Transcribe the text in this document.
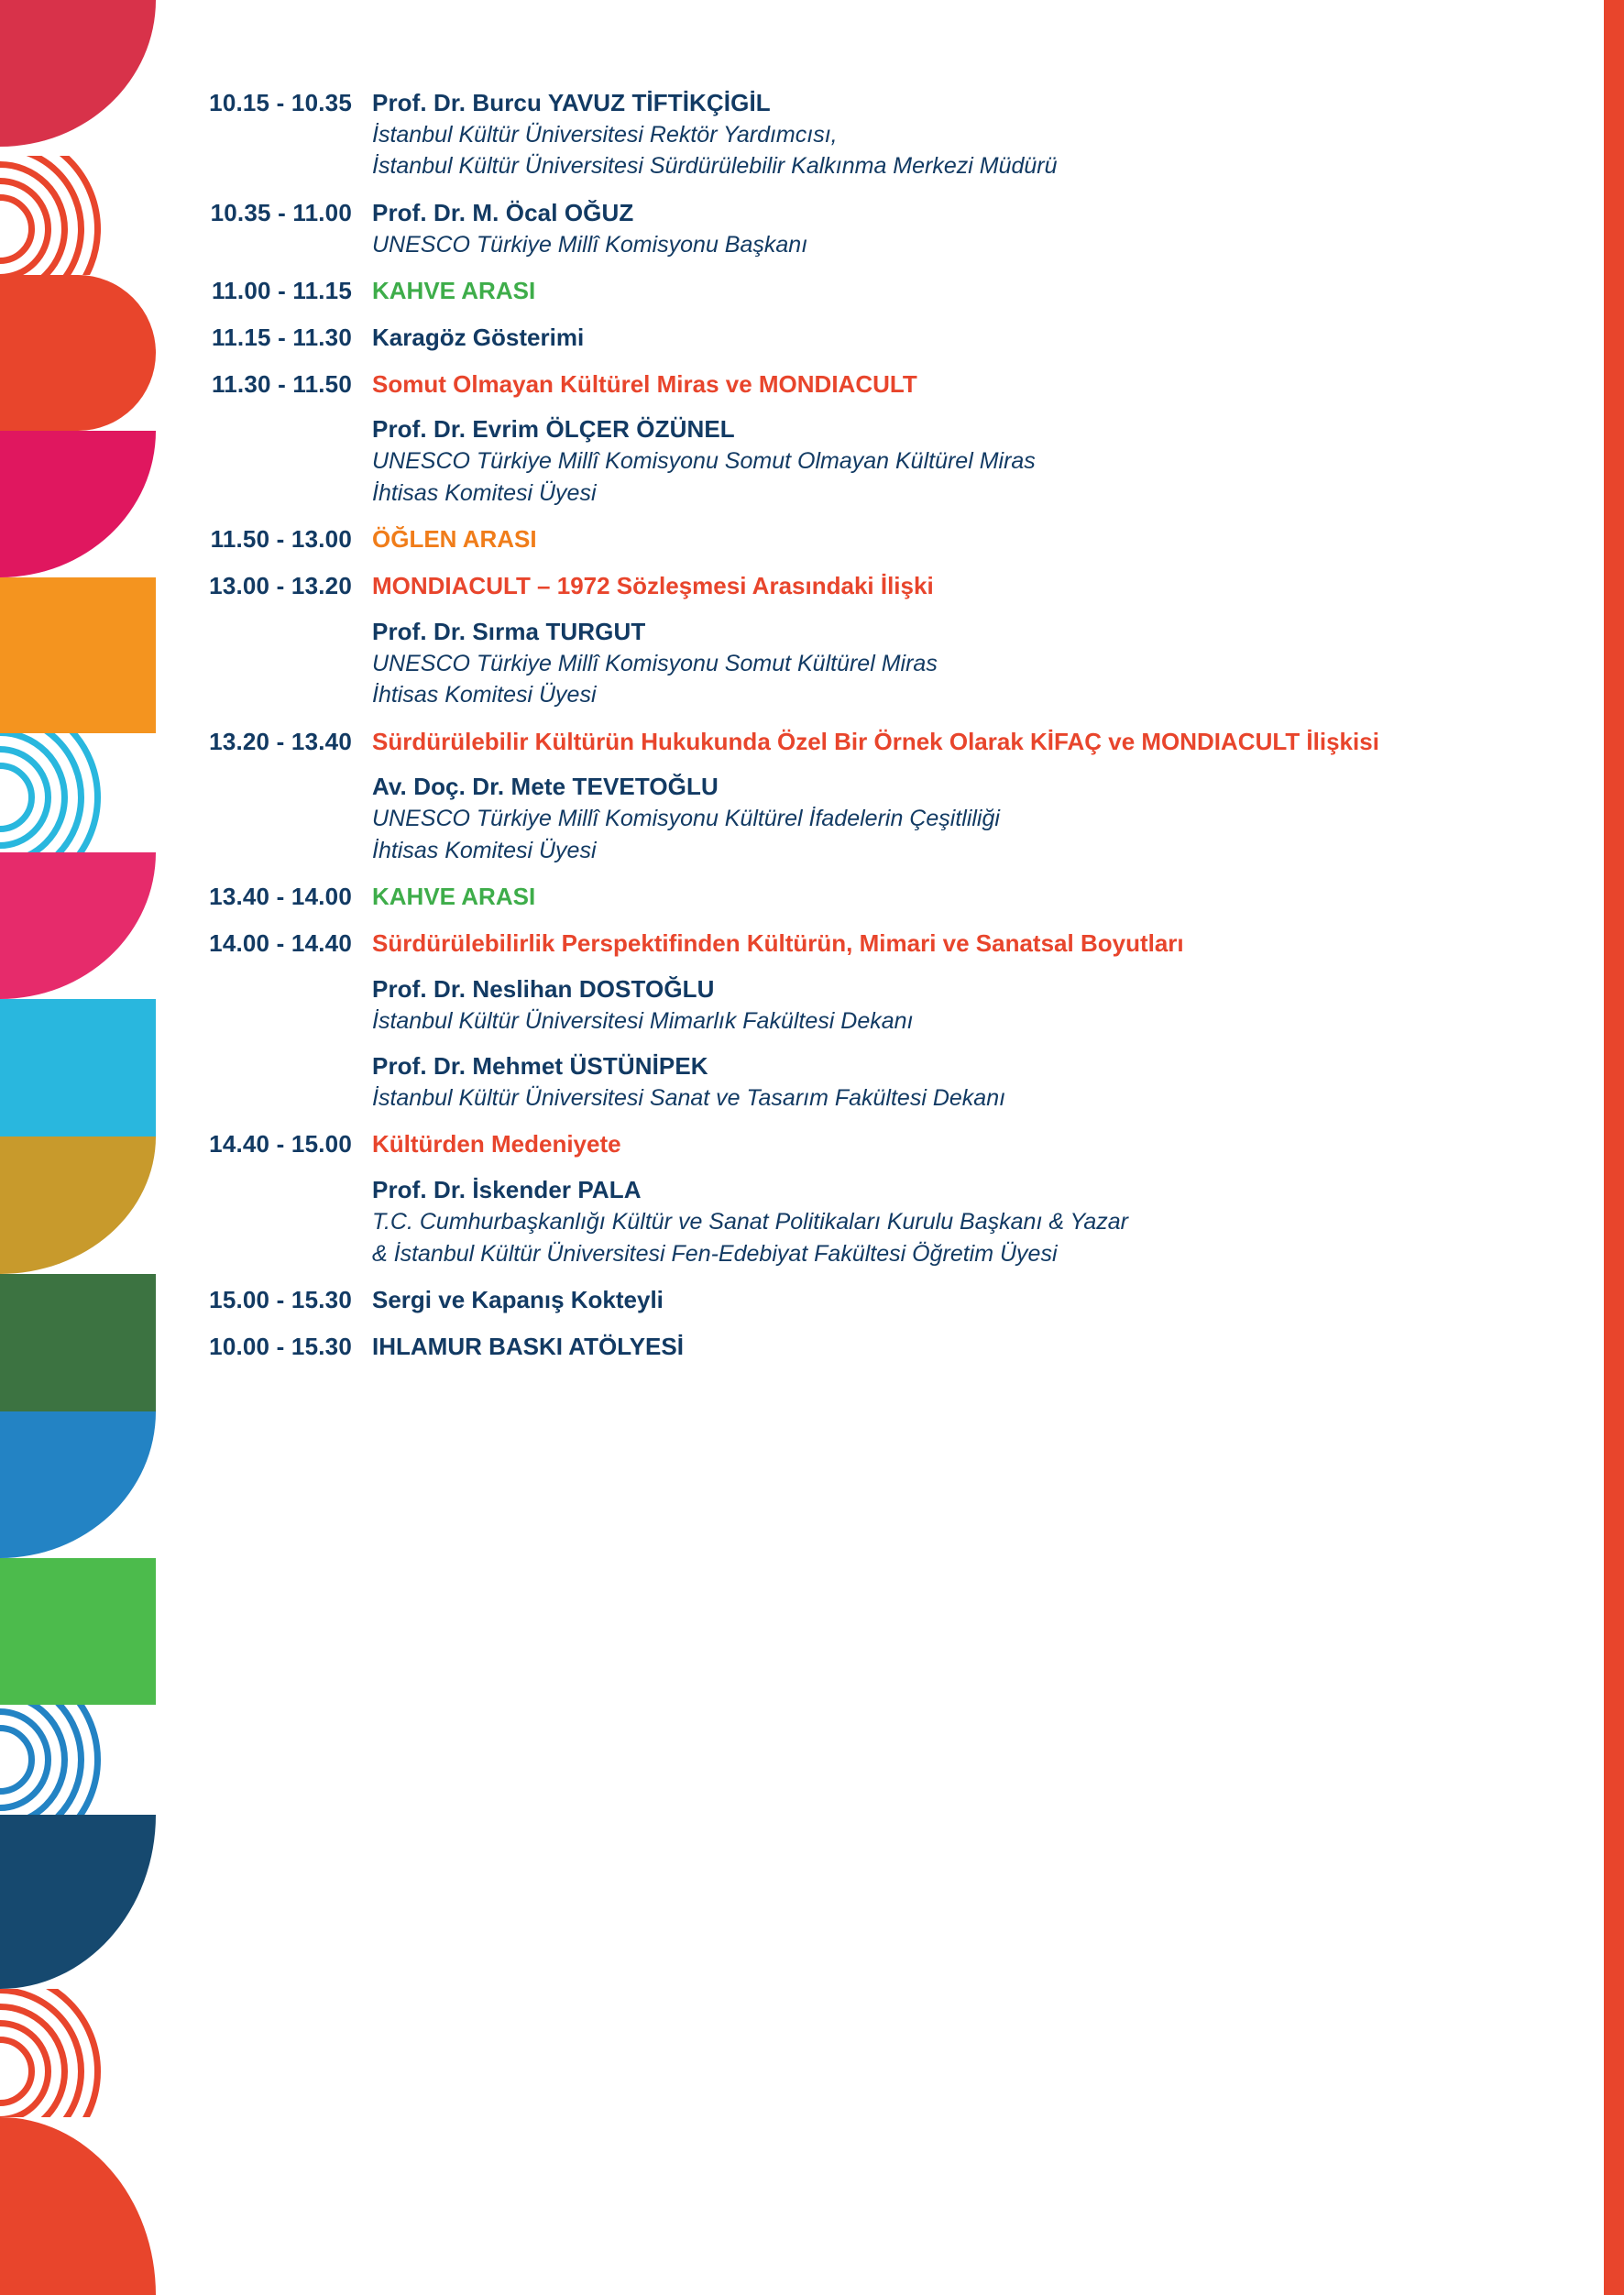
10.15 - 10.35 Prof. Dr. Burcu YAVUZ TİFTİKÇİGİL
İstanbul Kültür Üniversitesi Rektör Yardımcısı,
İstanbul Kültür Üniversitesi Sürdürülebilir Kalkınma Merkezi Müdürü
10.35 - 11.00 Prof. Dr. M. Öcal OĞUZ
UNESCO Türkiye Millî Komisyonu Başkanı
11.00 - 11.15 KAHVE ARASI
11.15 - 11.30 Karagöz Gösterimi
11.30 - 11.50 Somut Olmayan Kültürel Miras ve MONDIACULT
Prof. Dr. Evrim ÖLÇER ÖZÜNEL
UNESCO Türkiye Millî Komisyonu Somut Olmayan Kültürel Miras
İhtisas Komitesi Üyesi
11.50 - 13.00 ÖĞLEN ARASI
13.00 - 13.20 MONDIACULT – 1972 Sözleşmesi Arasındaki İlişki
Prof. Dr. Sırma TURGUT
UNESCO Türkiye Millî Komisyonu Somut Kültürel Miras
İhtisas Komitesi Üyesi
13.20 - 13.40 Sürdürülebilir Kültürün Hukukunda Özel Bir Örnek Olarak KİFAÇ ve MONDIACULT İlişkisi
Av. Doç. Dr. Mete TEVETOĞLU
UNESCO Türkiye Millî Komisyonu Kültürel İfadelerin Çeşitliliği
İhtisas Komitesi Üyesi
13.40 - 14.00 KAHVE ARASI
14.00 - 14.40 Sürdürülebilirlik Perspektifinden Kültürün, Mimari ve Sanatsal Boyutları
Prof. Dr. Neslihan DOSTOĞLU
İstanbul Kültür Üniversitesi Mimarlık Fakültesi Dekanı
Prof. Dr. Mehmet ÜSTÜNİPEK
İstanbul Kültür Üniversitesi Sanat ve Tasarım Fakültesi Dekanı
14.40 - 15.00 Kültürden Medeniyete
Prof. Dr. İskender PALA
T.C. Cumhurbaşkanlığı Kültür ve Sanat Politikaları Kurulu Başkanı & Yazar
& İstanbul Kültür Üniversitesi Fen-Edebiyat Fakültesi Öğretim Üyesi
15.00 - 15.30 Sergi ve Kapanış Kokteyli
10.00 - 15.30 IHLAMUR BASKI ATÖLYESİ
